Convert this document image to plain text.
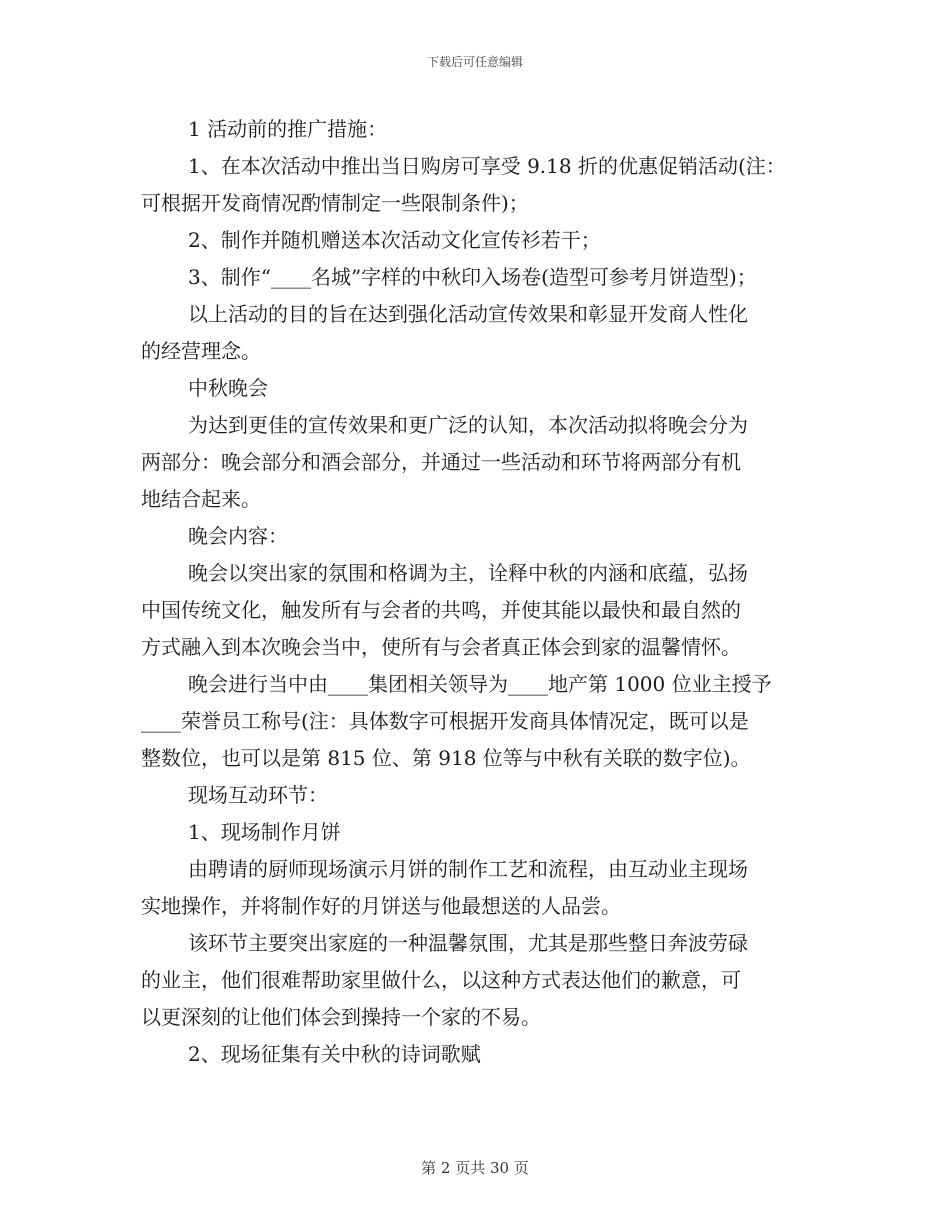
下载后可任意编辑
1 活动前的推广措施：
1、在本次活动中推出当日购房可享受 9.18 折的优惠促销活动(注：
可根据开发商情况酌情制定一些限制条件)；
2、制作并随机赠送本次活动文化宣传衫若干；
3、制作“____名城”字样的中秋印入场卷(造型可参考月饼造型)；
以上活动的目的旨在达到强化活动宣传效果和彰显开发商人性化
的经营理念。
中秋晚会
为达到更佳的宣传效果和更广泛的认知，本次活动拟将晚会分为
两部分：晚会部分和酒会部分，并通过一些活动和环节将两部分有机
地结合起来。
晚会内容：
晚会以突出家的氛围和格调为主，诠释中秋的内涵和底蕴，弘扬
中国传统文化，触发所有与会者的共鸣，并使其能以最快和最自然的
方式融入到本次晚会当中，使所有与会者真正体会到家的温馨情怀。
晚会进行当中由____集团相关领导为____地产第 1000 位业主授予
____荣誉员工称号(注：具体数字可根据开发商具体情况定，既可以是
整数位，也可以是第 815 位、第 918 位等与中秋有关联的数字位)。
现场互动环节：
1、现场制作月饼
由聘请的厨师现场演示月饼的制作工艺和流程，由互动业主现场
实地操作，并将制作好的月饼送与他最想送的人品尝。
该环节主要突出家庭的一种温馨氛围，尤其是那些整日奔波劳碌
的业主，他们很难帮助家里做什么，以这种方式表达他们的歉意，可
以更深刻的让他们体会到操持一个家的不易。
2、现场征集有关中秋的诗词歌赋
第 2 页共 30 页
